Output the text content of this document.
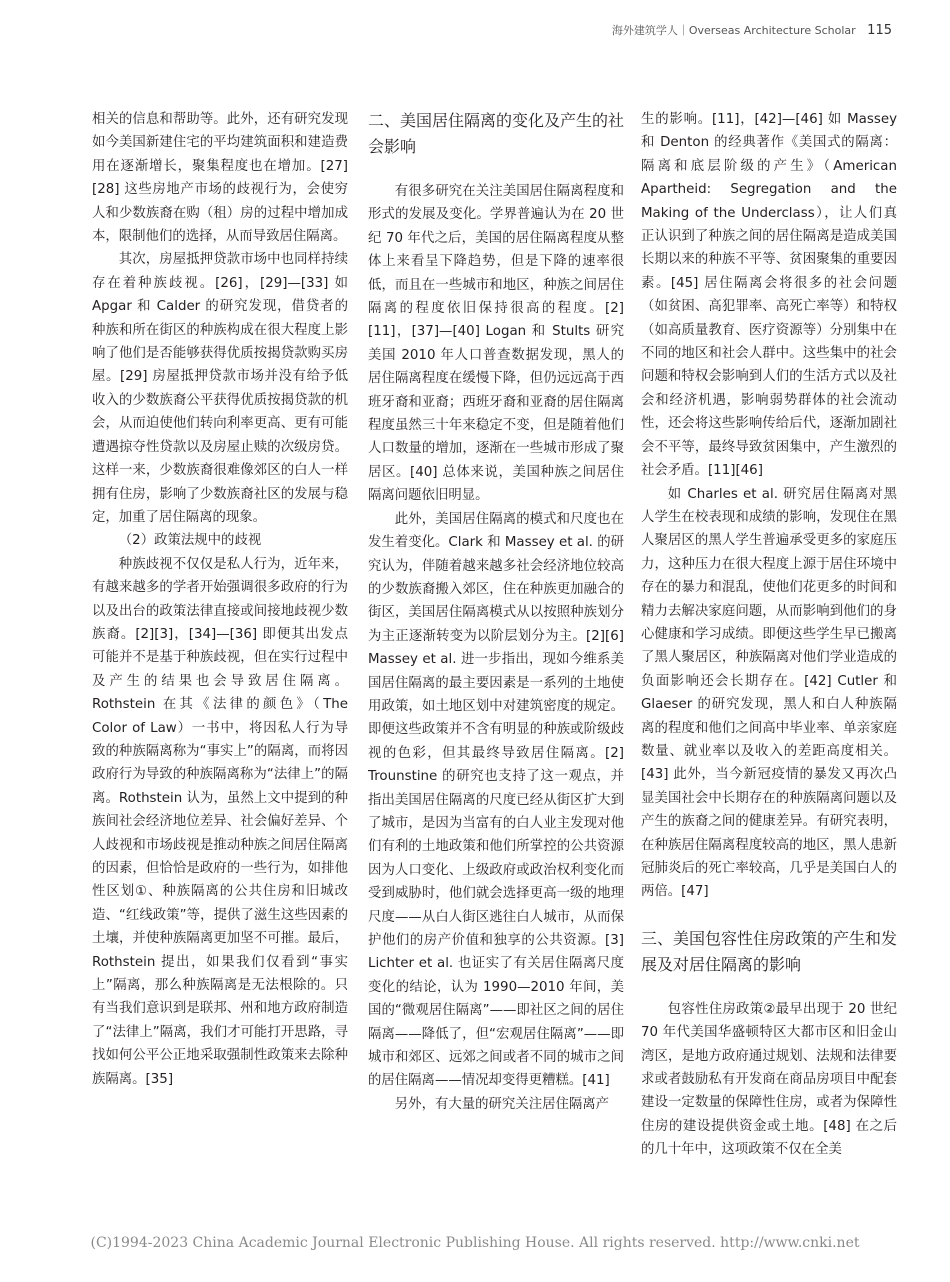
海外建筑学人｜Overseas Architecture Scholar 115

相关的信息和帮助等。此外，还有研究发现如今美国新建住宅的平均建筑面积和建造费用在逐渐增长，聚集程度也在增加。[27][28] 这些房地产市场的歧视行为，会使穷人和少数族裔在购（租）房的过程中增加成本，限制他们的选择，从而导致居住隔离。

其次，房屋抵押贷款市场中也同样持续存在着种族歧视。[26]，[29]—[33] 如 Apgar 和 Calder 的研究发现，借贷者的种族和所在街区的种族构成在很大程度上影响了他们是否能够获得优质按揭贷款购买房屋。[29] 房屋抵押贷款市场并没有给予低收入的少数族裔公平获得优质按揭贷款的机会，从而迫使他们转向利率更高、更有可能遭遇掠夺性贷款以及房屋止赎的次级房贷。这样一来，少数族裔很难像郊区的白人一样拥有住房，影响了少数族裔社区的发展与稳定，加重了居住隔离的现象。

（2）政策法规中的歧视

种族歧视不仅仅是私人行为，近年来，有越来越多的学者开始强调很多政府的行为以及出台的政策法律直接或间接地歧视少数族裔。[2][3]，[34]—[36] 即便其出发点可能并不是基于种族歧视，但在实行过程中及产生的结果也会导致居住隔离。Rothstein 在其《法律的颜色》（The Color of Law）一书中，将因私人行为导致的种族隔离称为“事实上”的隔离，而将因政府行为导致的种族隔离称为“法律上”的隔离。Rothstein 认为，虽然上文中提到的种族间社会经济地位差异、社会偏好差异、个人歧视和市场歧视是推动种族之间居住隔离的因素，但恰恰是政府的一些行为，如排他性区划①、种族隔离的公共住房和旧城改造、“红线政策”等，提供了滋生这些因素的土壤，并使种族隔离更加坚不可摧。最后，Rothstein 提出，如果我们仅看到“事实上”隔离，那么种族隔离是无法根除的。只有当我们意识到是联邦、州和地方政府制造了“法律上”隔离，我们才可能打开思路，寻找如何公平公正地采取强制性政策来去除种族隔离。[35]

二、美国居住隔离的变化及产生的社会影响

有很多研究在关注美国居住隔离程度和形式的发展及变化。学界普遍认为在 20 世纪 70 年代之后，美国的居住隔离程度从整体上来看呈下降趋势，但是下降的速率很低，而且在一些城市和地区，种族之间居住隔离的程度依旧保持很高的程度。[2][11]，[37]—[40] Logan 和 Stults 研究美国 2010 年人口普查数据发现，黑人的居住隔离程度在缓慢下降，但仍远远高于西班牙裔和亚裔；西班牙裔和亚裔的居住隔离程度虽然三十年来稳定不变，但是随着他们人口数量的增加，逐渐在一些城市形成了聚居区。[40] 总体来说，美国种族之间居住隔离问题依旧明显。

此外，美国居住隔离的模式和尺度也在发生着变化。Clark 和 Massey et al. 的研究认为，伴随着越来越多社会经济地位较高的少数族裔搬入郊区，住在种族更加融合的街区，美国居住隔离模式从以按照种族划分为主正逐渐转变为以阶层划分为主。[2][6] Massey et al. 进一步指出，现如今维系美国居住隔离的最主要因素是一系列的土地使用政策，如土地区划中对建筑密度的规定。即便这些政策并不含有明显的种族或阶级歧视的色彩，但其最终导致居住隔离。[2] Trounstine 的研究也支持了这一观点，并指出美国居住隔离的尺度已经从街区扩大到了城市，是因为当富有的白人业主发现对他们有利的土地政策和他们所掌控的公共资源因为人口变化、上级政府或政治权利变化而受到威胁时，他们就会选择更高一级的地理尺度——从白人街区逃往白人城市，从而保护他们的房产价值和独享的公共资源。[3] Lichter et al. 也证实了有关居住隔离尺度变化的结论，认为 1990—2010 年间，美国的“微观居住隔离”——即社区之间的居住隔离——降低了，但“宏观居住隔离”——即城市和郊区、远郊之间或者不同的城市之间的居住隔离——情况却变得更糟糕。[41]

另外，有大量的研究关注居住隔离产

生的影响。[11]，[42]—[46] 如 Massey 和 Denton 的经典著作《美国式的隔离：隔离和底层阶级的产生》（American Apartheid: Segregation and the Making of the Underclass），让人们真正认识到了种族之间的居住隔离是造成美国长期以来的种族不平等、贫困聚集的重要因素。[45] 居住隔离会将很多的社会问题（如贫困、高犯罪率、高死亡率等）和特权（如高质量教育、医疗资源等）分别集中在不同的地区和社会人群中。这些集中的社会问题和特权会影响到人们的生活方式以及社会和经济机遇，影响弱势群体的社会流动性，还会将这些影响传给后代，逐渐加剧社会不平等，最终导致贫困集中，产生激烈的社会矛盾。[11][46]

如 Charles et al. 研究居住隔离对黑人学生在校表现和成绩的影响，发现住在黑人聚居区的黑人学生普遍承受更多的家庭压力，这种压力在很大程度上源于居住环境中存在的暴力和混乱，使他们花更多的时间和精力去解决家庭问题，从而影响到他们的身心健康和学习成绩。即便这些学生早已搬离了黑人聚居区，种族隔离对他们学业造成的负面影响还会长期存在。[42] Cutler 和 Glaeser 的研究发现，黑人和白人种族隔离的程度和他们之间高中毕业率、单亲家庭数量、就业率以及收入的差距高度相关。[43] 此外，当今新冠疫情的暴发又再次凸显美国社会中长期存在的种族隔离问题以及产生的族裔之间的健康差异。有研究表明，在种族居住隔离程度较高的地区，黑人患新冠肺炎后的死亡率较高，几乎是美国白人的两倍。[47]

三、美国包容性住房政策的产生和发展及对居住隔离的影响

包容性住房政策②最早出现于 20 世纪 70 年代美国华盛顿特区大都市区和旧金山湾区，是地方政府通过规划、法规和法律要求或者鼓励私有开发商在商品房项目中配套建设一定数量的保障性住房，或者为保障性住房的建设提供资金或土地。[48] 在之后的几十年中，这项政策不仅在全美

(C)1994-2023 China Academic Journal Electronic Publishing House. All rights reserved. http://www.cnki.net
